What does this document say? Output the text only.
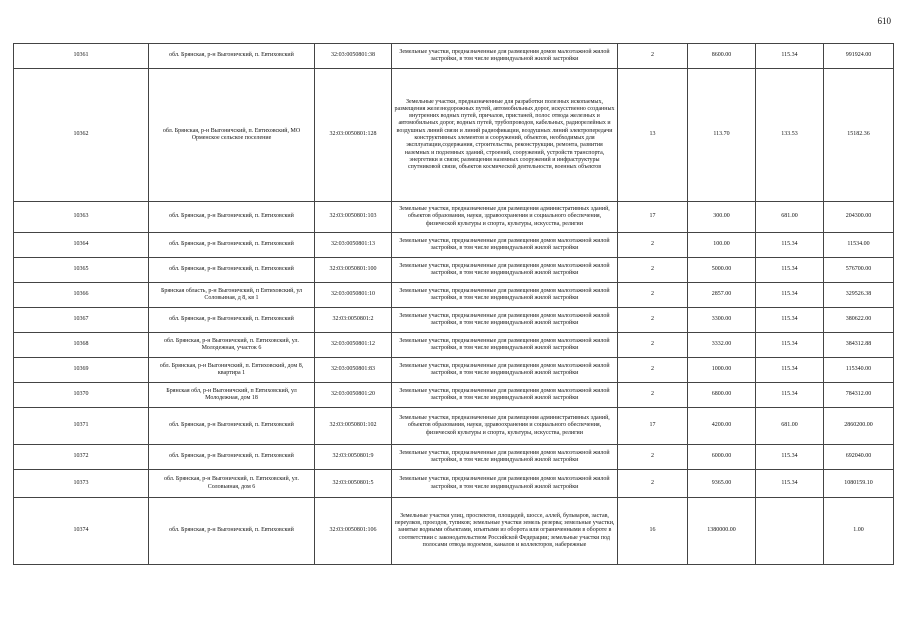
610
10361	обл. Брянская, р-н Выгоничский, п. Евтиховский	32:03:0050801:38	Земельные участки, предназначенные для размещения домов малоэтажной жилой застройки, в том числе индивидуальной жилой застройки	2	8600.00	115.34	991924.00
10362	обл. Брянская, р-н Выгоничский, п. Евтиховский, МО Орменское сельское поселение	32:03:0050801:128	Земельные участки, предназначенные для разработки полезных ископаемых, размещения железнодорожных путей, автомобильных дорог, искусственно созданных внутренних водных путей, причалов, пристаней, полос отвода железных и автомобильных дорог, водных путей, трубопроводов, кабельных, радиорелейных и воздушных линий связи и линий радиофикации, воздушных линий электропередачи конструктивных элементов и сооружений, объектов, необходимых для эксплуатации,содержания, строительства, реконструкции, ремонта, развития наземных и подземных зданий, строений, сооружений, устройств транспорта, энергетики и связи; размещения наземных сооружений и инфраструктуры спутниковой связи, объектов космической деятельности, военных объектов	13	113.70	133.53	15182.36
10363	обл. Брянская, р-н Выгоничский, п. Евтиховский	32:03:0050801:103	Земельные участки, предназначенные для размещения административных зданий, объектов образования, науки, здравоохранения и социального обеспечения, физической культуры и спорта, культуры, искусства, религии	17	300.00	681.00	204300.00
10364	обл. Брянская, р-н Выгоничский, п. Евтиховский	32:03:0050801:13	Земельные участки, предназначенные для размещения домов малоэтажной жилой застройки, в том числе индивидуальной жилой застройки	2	100.00	115.34	11534.00
10365	обл. Брянская, р-н Выгоничский, п. Евтиховский	32:03:0050801:100	Земельные участки, предназначенные для размещения домов малоэтажной жилой застройки, в том числе индивидуальной жилой застройки	2	5000.00	115.34	576700.00
10366	Брянская область, р-н Выгоничский, п Евтиховский, ул Соловьиная, д 8, кв 1	32:03:0050801:10	Земельные участки, предназначенные для размещения домов малоэтажной жилой застройки, в том числе индивидуальной жилой застройки	2	2857.00	115.34	329526.38
10367	обл. Брянская, р-н Выгоничский, п. Евтиховский	32:03:0050801:2	Земельные участки, предназначенные для размещения домов малоэтажной жилой застройки, в том числе индивидуальной жилой застройки	2	3300.00	115.34	380622.00
10368	обл. Брянская, р-н Выгоничский, п. Евтиховский, ул. Молодежная, участок 6	32:03:0050801:12	Земельные участки, предназначенные для размещения домов малоэтажной жилой застройки, в том числе индивидуальной жилой застройки	2	3332.00	115.34	384312.88
10369	обл. Брянская, р-н Выгоничский, п. Евтиховский, дом 8, квартира 1	32:03:0050801:83	Земельные участки, предназначенные для размещения домов малоэтажной жилой застройки, в том числе индивидуальной жилой застройки	2	1000.00	115.34	115340.00
10370	Брянская обл, р-н Выгоничский, п Евтиховский, ул Молодежная, дом 18	32:03:0050801:20	Земельные участки, предназначенные для размещения домов малоэтажной жилой застройки, в том числе индивидуальной жилой застройки	2	6800.00	115.34	784312.00
10371	обл. Брянская, р-н Выгоничский, п. Евтиховский	32:03:0050801:102	Земельные участки, предназначенные для размещения административных зданий, объектов образования, науки, здравоохранения и социального обеспечения, физической культуры и спорта, культуры, искусства, религии	17	4200.00	681.00	2860200.00
10372	обл. Брянская, р-н Выгоничский, п. Евтиховский	32:03:0050801:9	Земельные участки, предназначенные для размещения домов малоэтажной жилой застройки, в том числе индивидуальной жилой застройки	2	6000.00	115.34	692040.00
10373	обл. Брянская, р-н Выгоничский, п. Евтиховский, ул. Соловьиная, дом 6	32:03:0050801:5	Земельные участки, предназначенные для размещения домов малоэтажной жилой застройки, в том числе индивидуальной жилой застройки	2	9365.00	115.34	1080159.10
10374	обл. Брянская, р-н Выгоничский, п. Евтиховский	32:03:0050801:106	Земельные участки улиц, проспектов, площадей, шоссе, аллей, бульваров, застав, переулков, проездов, тупиков; земельные участки земель резерва; земельные участки, занятые водными объектами, изъятыми из оборота или ограниченными в обороте в соответствии с законодательством Российской Федерации; земельные участки под полосами отвода водоемов, каналов и коллекторов, набережные	16	1380000.00		1.00
